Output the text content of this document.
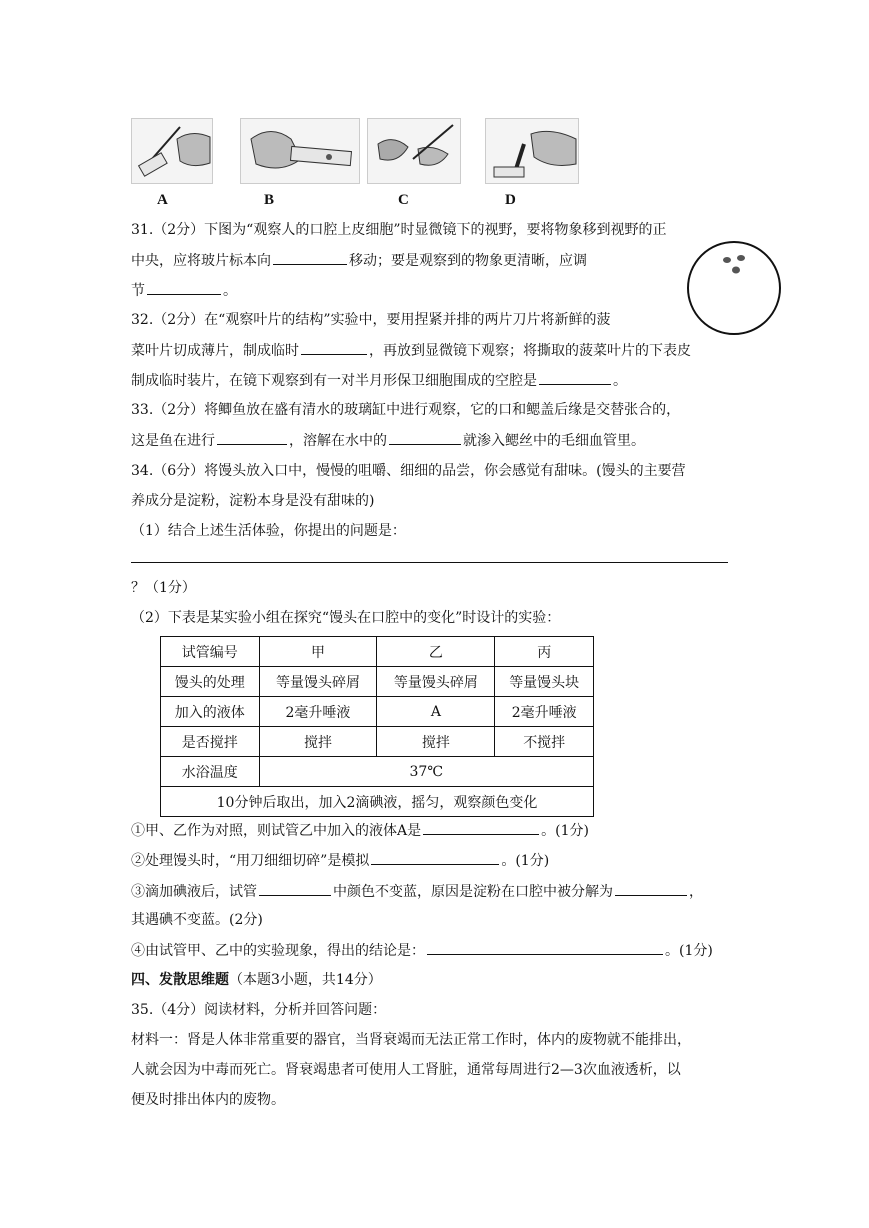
A	B	C	D
31.（2分）下图为“观察人的口腔上皮细胞”时显微镜下的视野，要将物象移到视野的正
中央，应将玻片标本向	移动；要是观察到的物象更清晰，应调
节	。
32.（2分）在“观察叶片的结构”实验中，要用捏紧并排的两片刀片将新鲜的菠
菜叶片切成薄片，制成临时	，再放到显微镜下观察；将撕取的菠菜叶片的下表皮
制成临时装片，在镜下观察到有一对半月形保卫细胞围成的空腔是	。
33.（2分）将鲫鱼放在盛有清水的玻璃缸中进行观察，它的口和鳃盖后缘是交替张合的，
这是鱼在进行	，溶解在水中的	就渗入鳃丝中的毛细血管里。
34.（6分）将馒头放入口中，慢慢的咀嚼、细细的品尝，你会感觉有甜味。(馒头的主要营
养成分是淀粉，淀粉本身是没有甜味的)
（1）结合上述生活体验，你提出的问题是：
？（1分）
（2）下表是某实验小组在探究“馒头在口腔中的变化”时设计的实验：
试管编号	甲	乙	丙
馒头的处理	等量馒头碎屑	等量馒头碎屑	等量馒头块
加入的液体	2毫升唾液	A	2毫升唾液
是否搅拌	搅拌	搅拌	不搅拌
水浴温度	37℃		
10分钟后取出，加入2滴碘液，摇匀，观察颜色变化			
①甲、乙作为对照，则试管乙中加入的液体A是	。(1分)
②处理馒头时，“用刀细细切碎”是模拟	。(1分)
③滴加碘液后，试管	中颜色不变蓝，原因是淀粉在口腔中被分解为	，
其遇碘不变蓝。(2分)
④由试管甲、乙中的实验现象，得出的结论是：	。(1分)
四、发散思维题（本题3小题，共14分）
35.（4分）阅读材料，分析并回答问题：
材料一：肾是人体非常重要的器官，当肾衰竭而无法正常工作时，体内的废物就不能排出，
人就会因为中毒而死亡。肾衰竭患者可使用人工肾脏，通常每周进行2—3次血液透析，以
便及时排出体内的废物。
